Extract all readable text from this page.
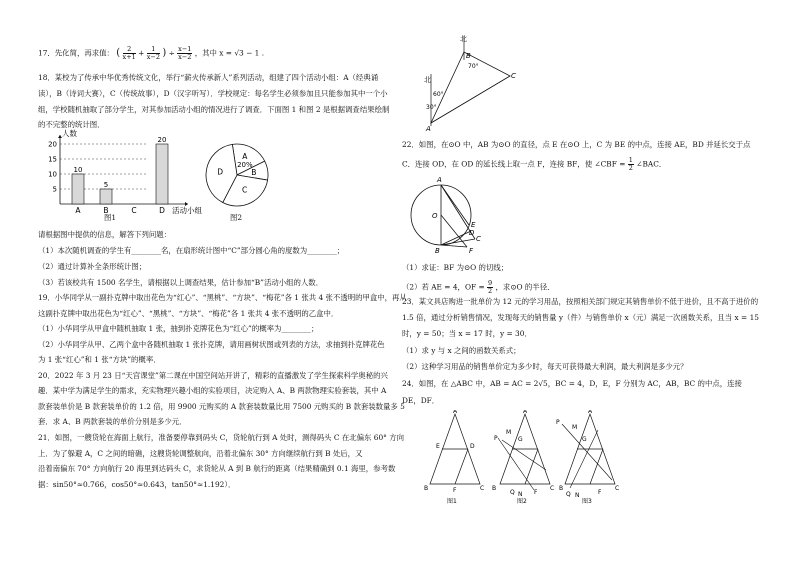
17．先化简，再求值： ( $\frac{2}{x+1} + \frac{1}{x-2}$ ) ÷ $\frac{x-1}{x-2}$ ，其中 x = √3 − 1 .
18．某校为了传承中华优秀传统文化，举行“薪火传承新人”系列活动，组建了四个活动小组：A（经典诵
读），B（诗词大赛），C（传统故事），D（汉字听写）．学校规定：每名学生必须参加且只能参加其中一个小
组，学校随机抽取了部分学生，对其参加活动小组的情况进行了调查．下面图 1 和图 2 是根据调查结果绘制
的不完整的统计图．
人数
活动小组
5
10
15
20
10
A
5
B	C
20
D
图1
A
20%
B
C
D
图2
请根据图中提供的信息，解答下列问题：
（1）本次随机调查的学生有________名，在扇形统计图中“C”部分圆心角的度数为________；
（2）通过计算补全条形统计图；
（3）若该校共有 1500 名学生，请根据以上调查结果，估计参加“B”活动小组的人数．
19．小华同学从一副扑克牌中取出花色为“红心”、“黑桃”、“方块”、“梅花”各 1 张共 4 张不透明的甲盒中，再从
这副扑克牌中取出花色为“红心”、“黑桃”、“方块”、“梅花”各 1 张共 4 张不透明的乙盒中．
（1）小华同学从甲盒中随机抽取 1 张，抽到扑克牌花色为“红心”的概率为________；
（2）小华同学从甲、乙两个盒中各随机抽取 1 张扑克牌，请用画树状图或列表的方法，求抽到扑克牌花色
为 1 张“红心”和 1 张“方块”的概率．
20．2022 年 3 月 23 日“天宫课堂”第二课在中国空间站开讲了，精彩的直播激发了学生探索科学奥秘的兴
趣．某中学为满足学生的需求，充实物理兴趣小组的实验项目，决定购入 A、B 两款物理实验套装，其中 A
款套装单价是 B 款套装单价的 1.2 倍，用 9900 元购买的 A 款套装数量比用 7500 元购买的 B 款套装数量多 5
套．求 A、B 两款套装的单价分别是多少元．
21．如图，一艘货轮在海面上航行，准备要停靠到码头 C，货轮航行到 A 处时，测得码头 C 在北偏东 60° 方向
上．为了躲避 A，C 之间的暗礁，这艘货轮调整航向，沿着北偏东 30° 方向继续航行到 B 处后，又
沿着南偏东 70° 方向航行 20 海里到达码头 C，求货轮从 A 到 B 航行的距离（结果精确到 0.1 海里，参考数
据：sin50°≈0.766，cos50°≈0.643，tan50°≈1.192）．
北
北
B
C
A
70°
60°
30°
22．如图，在⊙O 中，AB 为⊙O 的直径，点 E 在⊙O 上，C 为 BE 的中点，连接 AE，BD 并延长交于点
C．连接 OD，在 OD 的延长线上取一点 F，连接 BF，使 ∠CBF = $\frac{1}{2}$ ∠BAC．
A
O
E
C
D
B	F
（1）求证：BF 为⊙O 的切线；
（2）若 AE = 4，OF = $\frac{9}{2}$ ，求⊙O 的半径．
23．某文具店购进一批单价为 12 元的学习用品，按照相关部门规定其销售单价不低于进价，且不高于进价的
1.5 倍，通过分析销售情况，发现每天的销售量 y（件）与销售单价 x（元）满足一次函数关系，且当 x = 15
时，y = 50；当 x = 17 时，y = 30．
（1）求 y 与 x 之间的函数关系式；
（2）这种学习用品的销售单价定为多少时，每天可获得最大利润，最大利润是多少元？
24．如图，在 △ABC 中，AB = AC = 2√5，BC = 4，D，E，F 分别为 AC，AB，BC 的中点，连接
DE，DF．
A
B	C
E	D
F
A
P
M
G
B	C
Q N F
A
P
M
G
B	C
Q N	F
图1	图2	图3
